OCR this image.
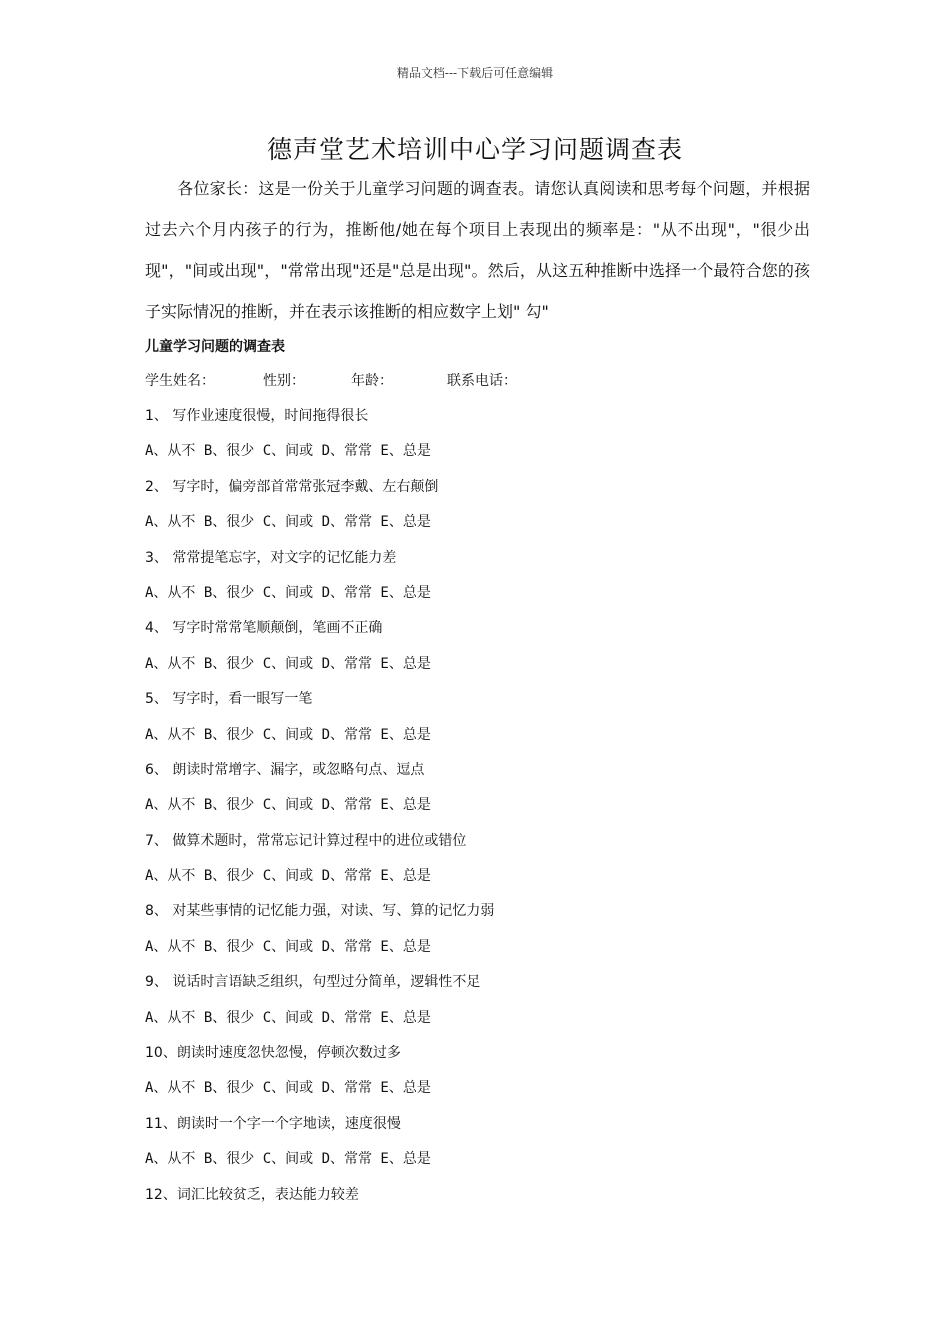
精品文档---下载后可任意编辑
德声堂艺术培训中心学习问题调查表
各位家长：这是一份关于儿童学习问题的调查表。请您认真阅读和思考每个问题，并根据过去六个月内孩子的行为，推断他/她在每个项目上表现出的频率是："从不出现"，"很少出现"，"间或出现"，"常常出现"还是"总是出现"。然后，从这五种推断中选择一个最符合您的孩子实际情况的推断，并在表示该推断的相应数字上划" 勾"
儿童学习问题的调查表
学生姓名：	性别：	年龄：	联系电话：
1、 写作业速度很慢，时间拖得很长
A、从不 B、很少 C、间或 D、常常 E、总是
2、 写字时，偏旁部首常常张冠李戴、左右颠倒
A、从不 B、很少 C、间或 D、常常 E、总是
3、 常常提笔忘字，对文字的记忆能力差
A、从不 B、很少 C、间或 D、常常 E、总是
4、 写字时常常笔顺颠倒，笔画不正确
A、从不 B、很少 C、间或 D、常常 E、总是
5、 写字时，看一眼写一笔
A、从不 B、很少 C、间或 D、常常 E、总是
6、 朗读时常增字、漏字，或忽略句点、逗点
A、从不 B、很少 C、间或 D、常常 E、总是
7、 做算术题时，常常忘记计算过程中的进位或错位
A、从不 B、很少 C、间或 D、常常 E、总是
8、 对某些事情的记忆能力强，对读、写、算的记忆力弱
A、从不 B、很少 C、间或 D、常常 E、总是
9、 说话时言语缺乏组织，句型过分简单，逻辑性不足
A、从不 B、很少 C、间或 D、常常 E、总是
10、朗读时速度忽快忽慢，停顿次数过多
A、从不 B、很少 C、间或 D、常常 E、总是
11、朗读时一个字一个字地读，速度很慢
A、从不 B、很少 C、间或 D、常常 E、总是
12、词汇比较贫乏，表达能力较差
